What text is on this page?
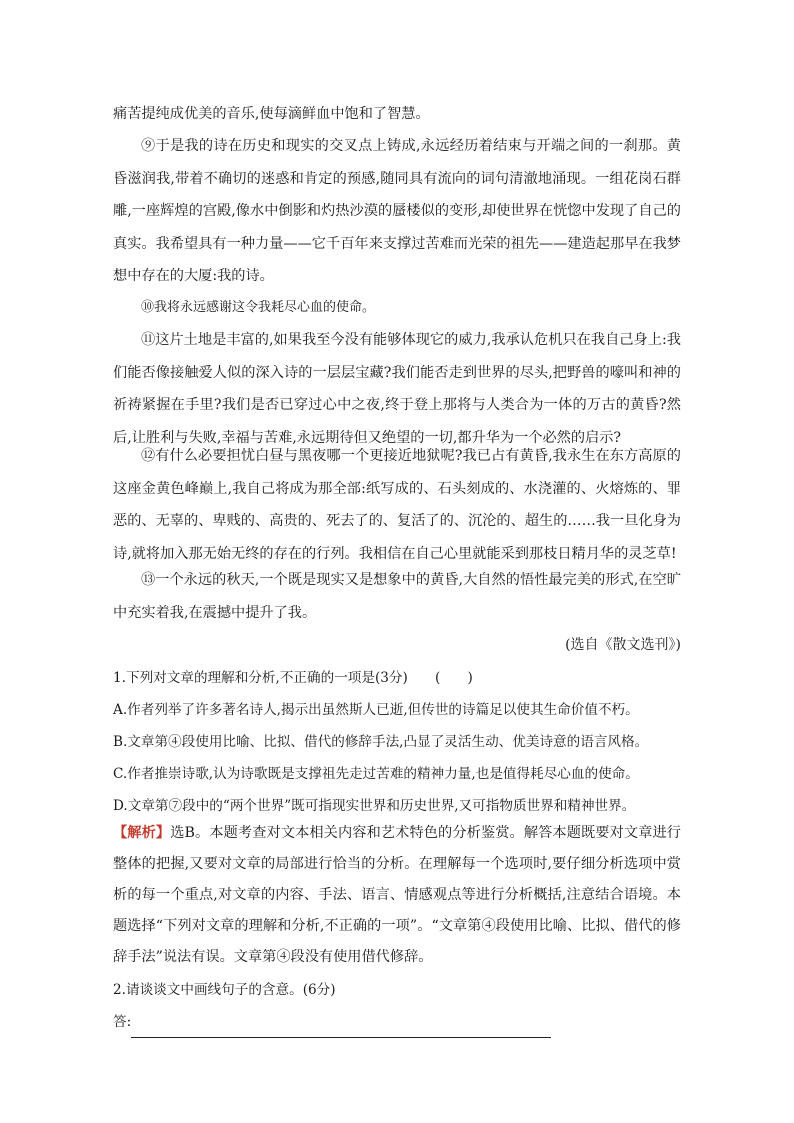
痛苦提纯成优美的音乐,使每滴鲜血中饱和了智慧。

⑨于是我的诗在历史和现实的交叉点上铸成,永远经历着结束与开端之间的一刹那。黄昏滋润我,带着不确切的迷惑和肯定的预感,随同具有流向的词句清澈地涌现。一组花岗石群雕,一座辉煌的宫殿,像水中倒影和灼热沙漠的蜃楼似的变形,却使世界在恍惚中发现了自己的真实。我希望具有一种力量——它千百年来支撑过苦难而光荣的祖先——建造起那早在我梦想中存在的大厦:我的诗。

⑩我将永远感谢这令我耗尽心血的使命。

⑪这片土地是丰富的,如果我至今没有能够体现它的威力,我承认危机只在我自己身上:我们能否像接触爱人似的深入诗的一层层宝藏?我们能否走到世界的尽头,把野兽的嚎叫和神的祈祷紧握在手里?我们是否已穿过心中之夜,终于登上那将与人类合为一体的万古的黄昏?然后,让胜利与失败,幸福与苦难,永远期待但又绝望的一切,都升华为一个必然的启示?

⑫有什么必要担忧白昼与黑夜哪一个更接近地狱呢?我已占有黄昏,我永生在东方高原的这座金黄色峰巅上,我自己将成为那全部:纸写成的、石头刻成的、水浇灌的、火熔炼的、罪恶的、无辜的、卑贱的、高贵的、死去了的、复活了的、沉沦的、超生的……我一旦化身为诗,就将加入那无始无终的存在的行列。我相信在自己心里就能采到那枝日精月华的灵芝草!

⑬一个永远的秋天,一个既是现实又是想象中的黄昏,大自然的悟性最完美的形式,在空旷中充实着我,在震撼中提升了我。

(选自《散文选刊》)

1.下列对文章的理解和分析,不正确的一项是(3分)　　(　　)

A.作者列举了许多著名诗人,揭示出虽然斯人已逝,但传世的诗篇足以使其生命价值不朽。

B.文章第④段使用比喻、比拟、借代的修辞手法,凸显了灵活生动、优美诗意的语言风格。

C.作者推崇诗歌,认为诗歌既是支撑祖先走过苦难的精神力量,也是值得耗尽心血的使命。

D.文章第⑦段中的“两个世界”既可指现实世界和历史世界,又可指物质世界和精神世界。

【解析】选B。本题考查对文本相关内容和艺术特色的分析鉴赏。解答本题既要对文章进行整体的把握,又要对文章的局部进行恰当的分析。在理解每一个选项时,要仔细分析选项中赏析的每一个重点,对文章的内容、手法、语言、情感观点等进行分析概括,注意结合语境。本题选择“下列对文章的理解和分析,不正确的一项”。“文章第④段使用比喻、比拟、借代的修辞手法”说法有误。文章第④段没有使用借代修辞。

2.请谈谈文中画线句子的含意。(6分)

答:
